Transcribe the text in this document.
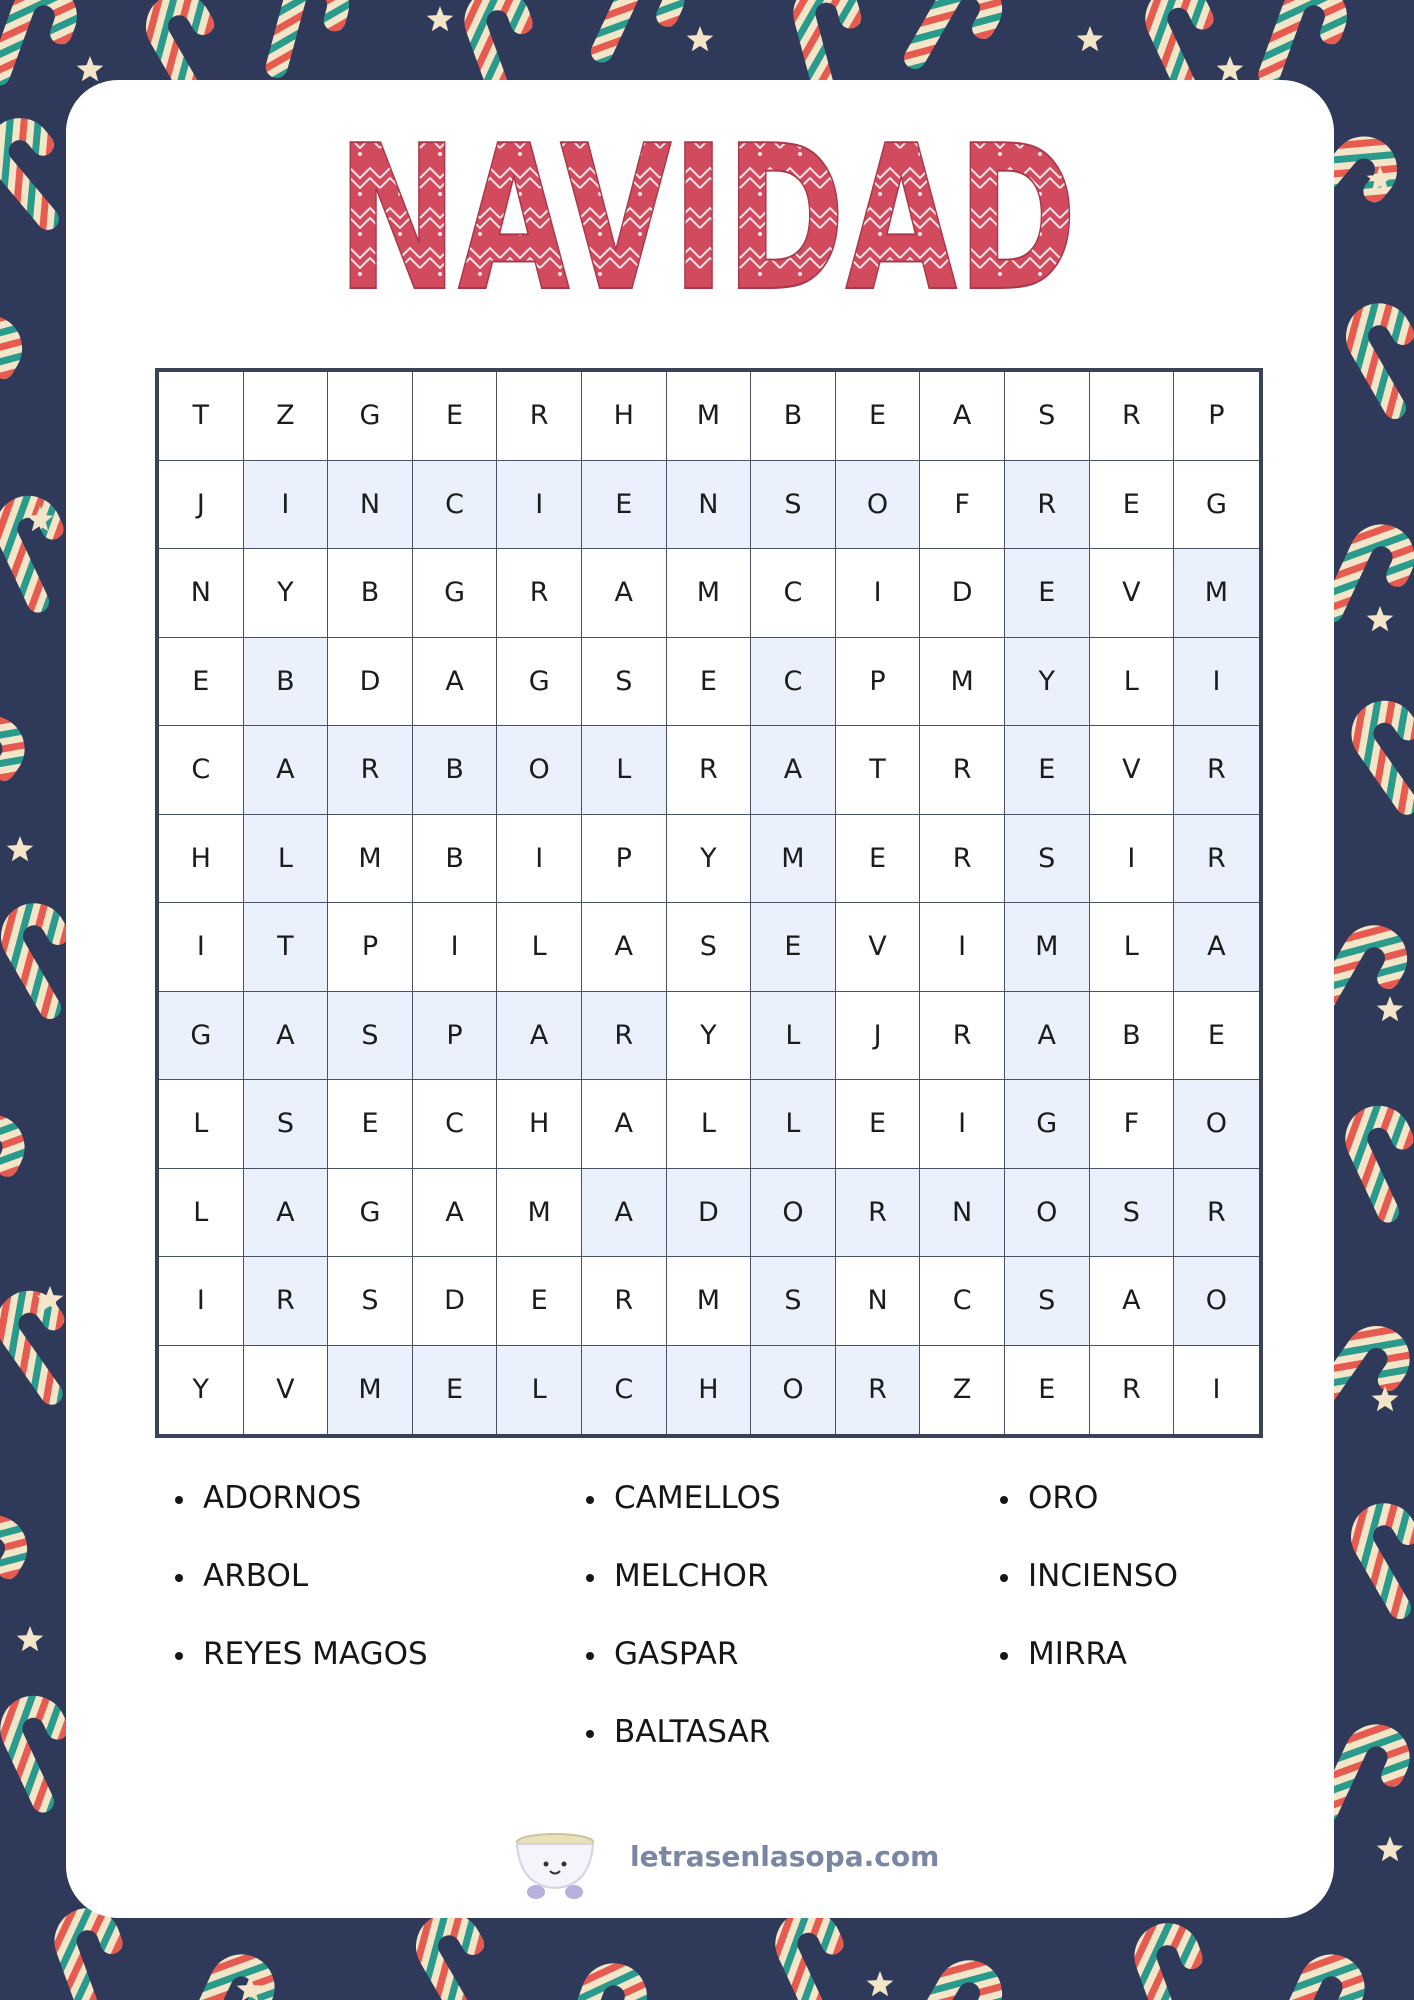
NAVIDAD
T	Z	G	E	R	H	M	B	E	A	S	R	P
J	I	N	C	I	E	N	S	O	F	R	E	G
N	Y	B	G	R	A	M	C	I	D	E	V	M
E	B	D	A	G	S	E	C	P	M	Y	L	I
C	A	R	B	O	L	R	A	T	R	E	V	R
H	L	M	B	I	P	Y	M	E	R	S	I	R
I	T	P	I	L	A	S	E	V	I	M	L	A
G	A	S	P	A	R	Y	L	J	R	A	B	E
L	S	E	C	H	A	L	L	E	I	G	F	O
L	A	G	A	M	A	D	O	R	N	O	S	R
I	R	S	D	E	R	M	S	N	C	S	A	O
Y	V	M	E	L	C	H	O	R	Z	E	R	I
ADORNOS
ARBOL
REYES MAGOS
CAMELLOS
MELCHOR
GASPAR
BALTASAR
ORO
INCIENSO
MIRRA
letrasenlasopa.com
